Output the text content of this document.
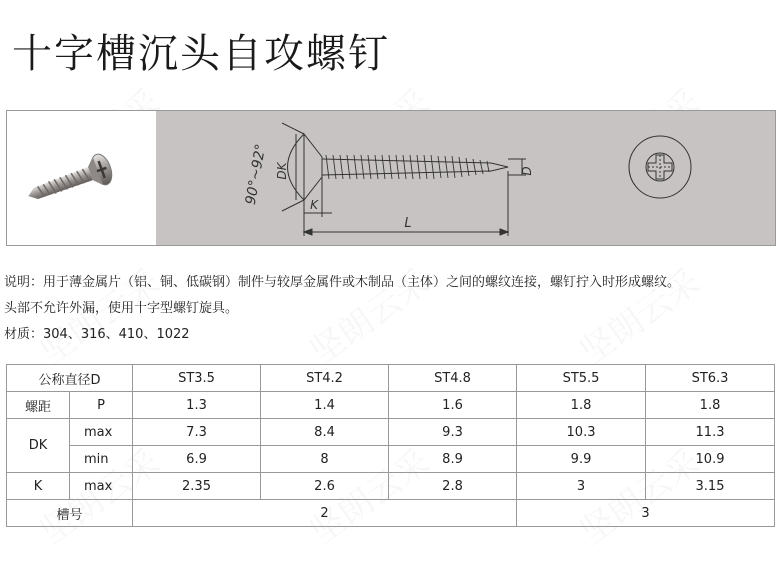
十字槽沉头自攻螺钉
90°~92° DK
K
L
D
说明：用于薄金属片（铝、铜、低碳钢）制件与较厚金属件或木制品（主体）之间的螺纹连接，螺钉拧入时形成螺纹。
头部不允许外漏，使用十字型螺钉旋具。
材质：304、316、410、1022
公称直径D		ST3.5	ST4.2	ST4.8	ST5.5	ST6.3
螺距	P	1.3	1.4	1.6	1.8	1.8
DK	max	7.3	8.4	9.3	10.3	11.3
	min	6.9	8	8.9	9.9	10.9
K	max	2.35	2.6	2.8	3	3.15
槽号		2			3	
